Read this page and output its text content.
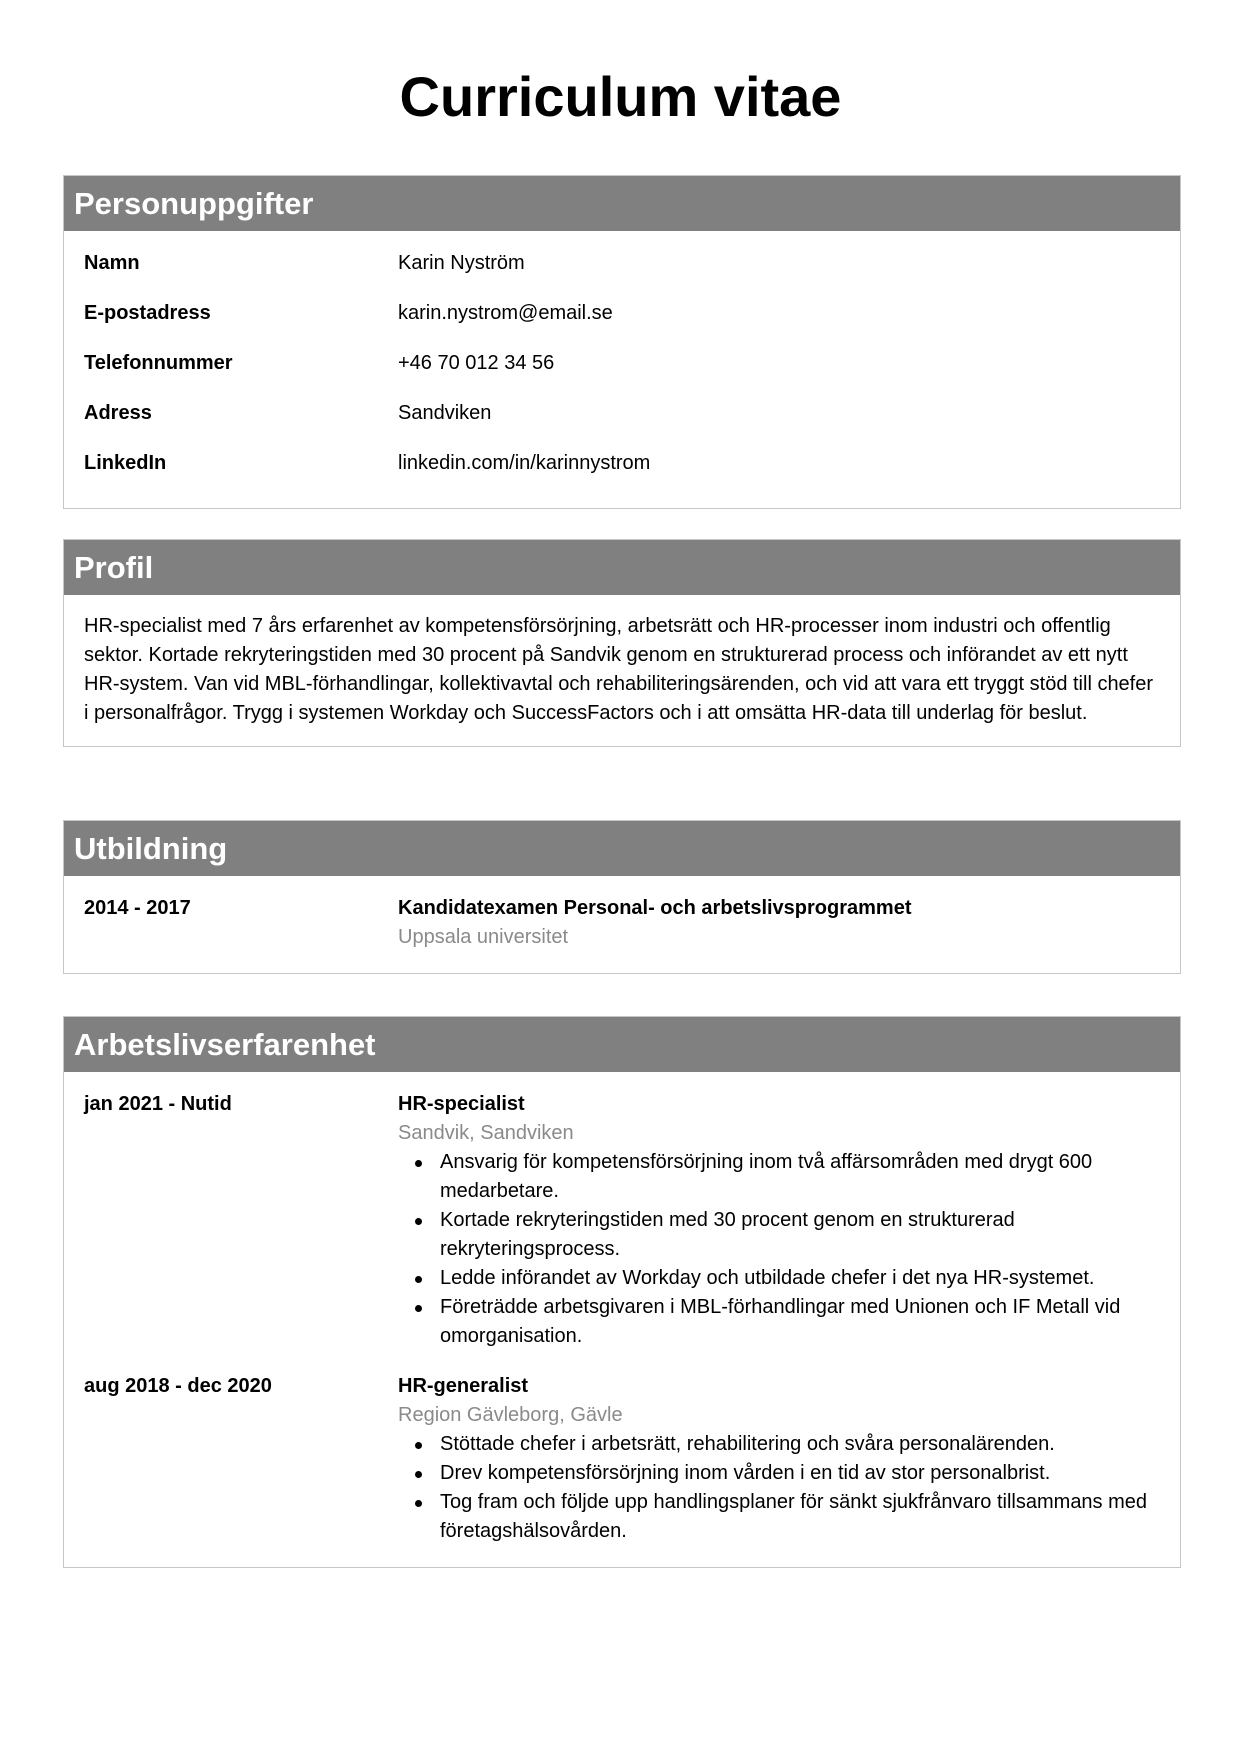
Curriculum vitae
Personuppgifter
Namn	Karin Nyström
E-postadress	karin.nystrom@email.se
Telefonnummer	+46 70 012 34 56
Adress	Sandviken
LinkedIn	linkedin.com/in/karinnystrom
Profil

HR-specialist med 7 års erfarenhet av kompetensförsörjning, arbetsrätt och HR-processer inom industri och offentlig sektor. Kortade rekryteringstiden med 30 procent på Sandvik genom en strukturerad process och införandet av ett nytt HR-system. Van vid MBL-förhandlingar, kollektivavtal och rehabiliteringsärenden, och vid att vara ett tryggt stöd till chefer i personalfrågor. Trygg i systemen Workday och SuccessFactors och i att omsätta HR-data till underlag för beslut.

Utbildning
2014 - 2017	Kandidatexamen Personal- och arbetslivsprogrammet
Uppsala universitet
Arbetslivserfarenhet
jan 2021 - Nutid	HR-specialist
Sandvik, Sandviken
Ansvarig för kompetensförsörjning inom två affärsområden med drygt 600 medarbetare.
Kortade rekryteringstiden med 30 procent genom en strukturerad rekryteringsprocess.
Ledde införandet av Workday och utbildade chefer i det nya HR-systemet.
Företrädde arbetsgivaren i MBL-förhandlingar med Unionen och IF Metall vid omorganisation.
aug 2018 - dec 2020	HR-generalist
Region Gävleborg, Gävle
Stöttade chefer i arbetsrätt, rehabilitering och svåra personalärenden.
Drev kompetensförsörjning inom vården i en tid av stor personalbrist.
Tog fram och följde upp handlingsplaner för sänkt sjukfrånvaro tillsammans med företagshälsovården.
